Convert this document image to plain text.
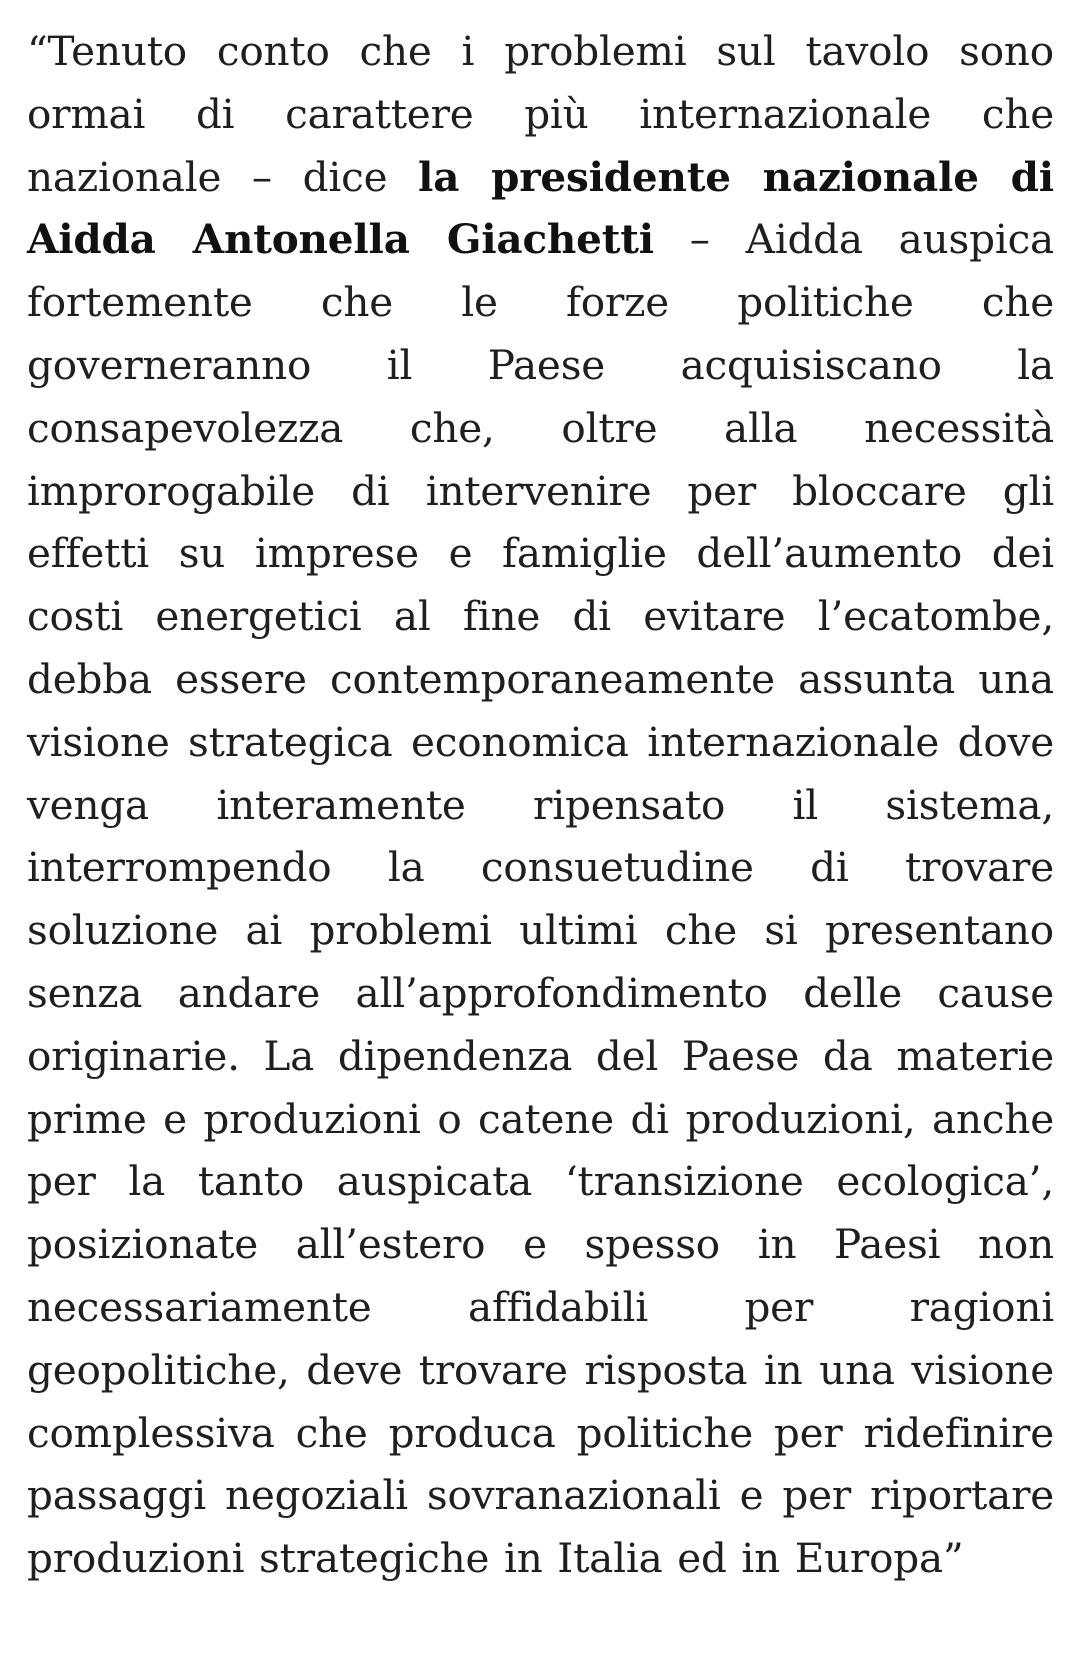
“Tenuto conto che i problemi sul tavolo sono ormai di carattere più internazionale che nazionale – dice la presidente nazionale di Aidda Antonella Giachetti – Aidda auspica fortemente che le forze politiche che governeranno il Paese acquisiscano la consapevolezza che, oltre alla necessità improrogabile di intervenire per bloccare gli effetti su imprese e famiglie dell’aumento dei costi energetici al fine di evitare l’ecatombe, debba essere contemporaneamente assunta una visione strategica economica internazionale dove venga interamente ripensato il sistema, interrompendo la consuetudine di trovare soluzione ai problemi ultimi che si presentano senza andare all’approfondimento delle cause originarie. La dipendenza del Paese da materie prime e produzioni o catene di produzioni, anche per la tanto auspicata ‘transizione ecologica’, posizionate all’estero e spesso in Paesi non necessariamente affidabili per ragioni geopolitiche, deve trovare risposta in una visione complessiva che produca politiche per ridefinire passaggi negoziali sovranazionali e per riportare produzioni strategiche in Italia ed in Europa”
